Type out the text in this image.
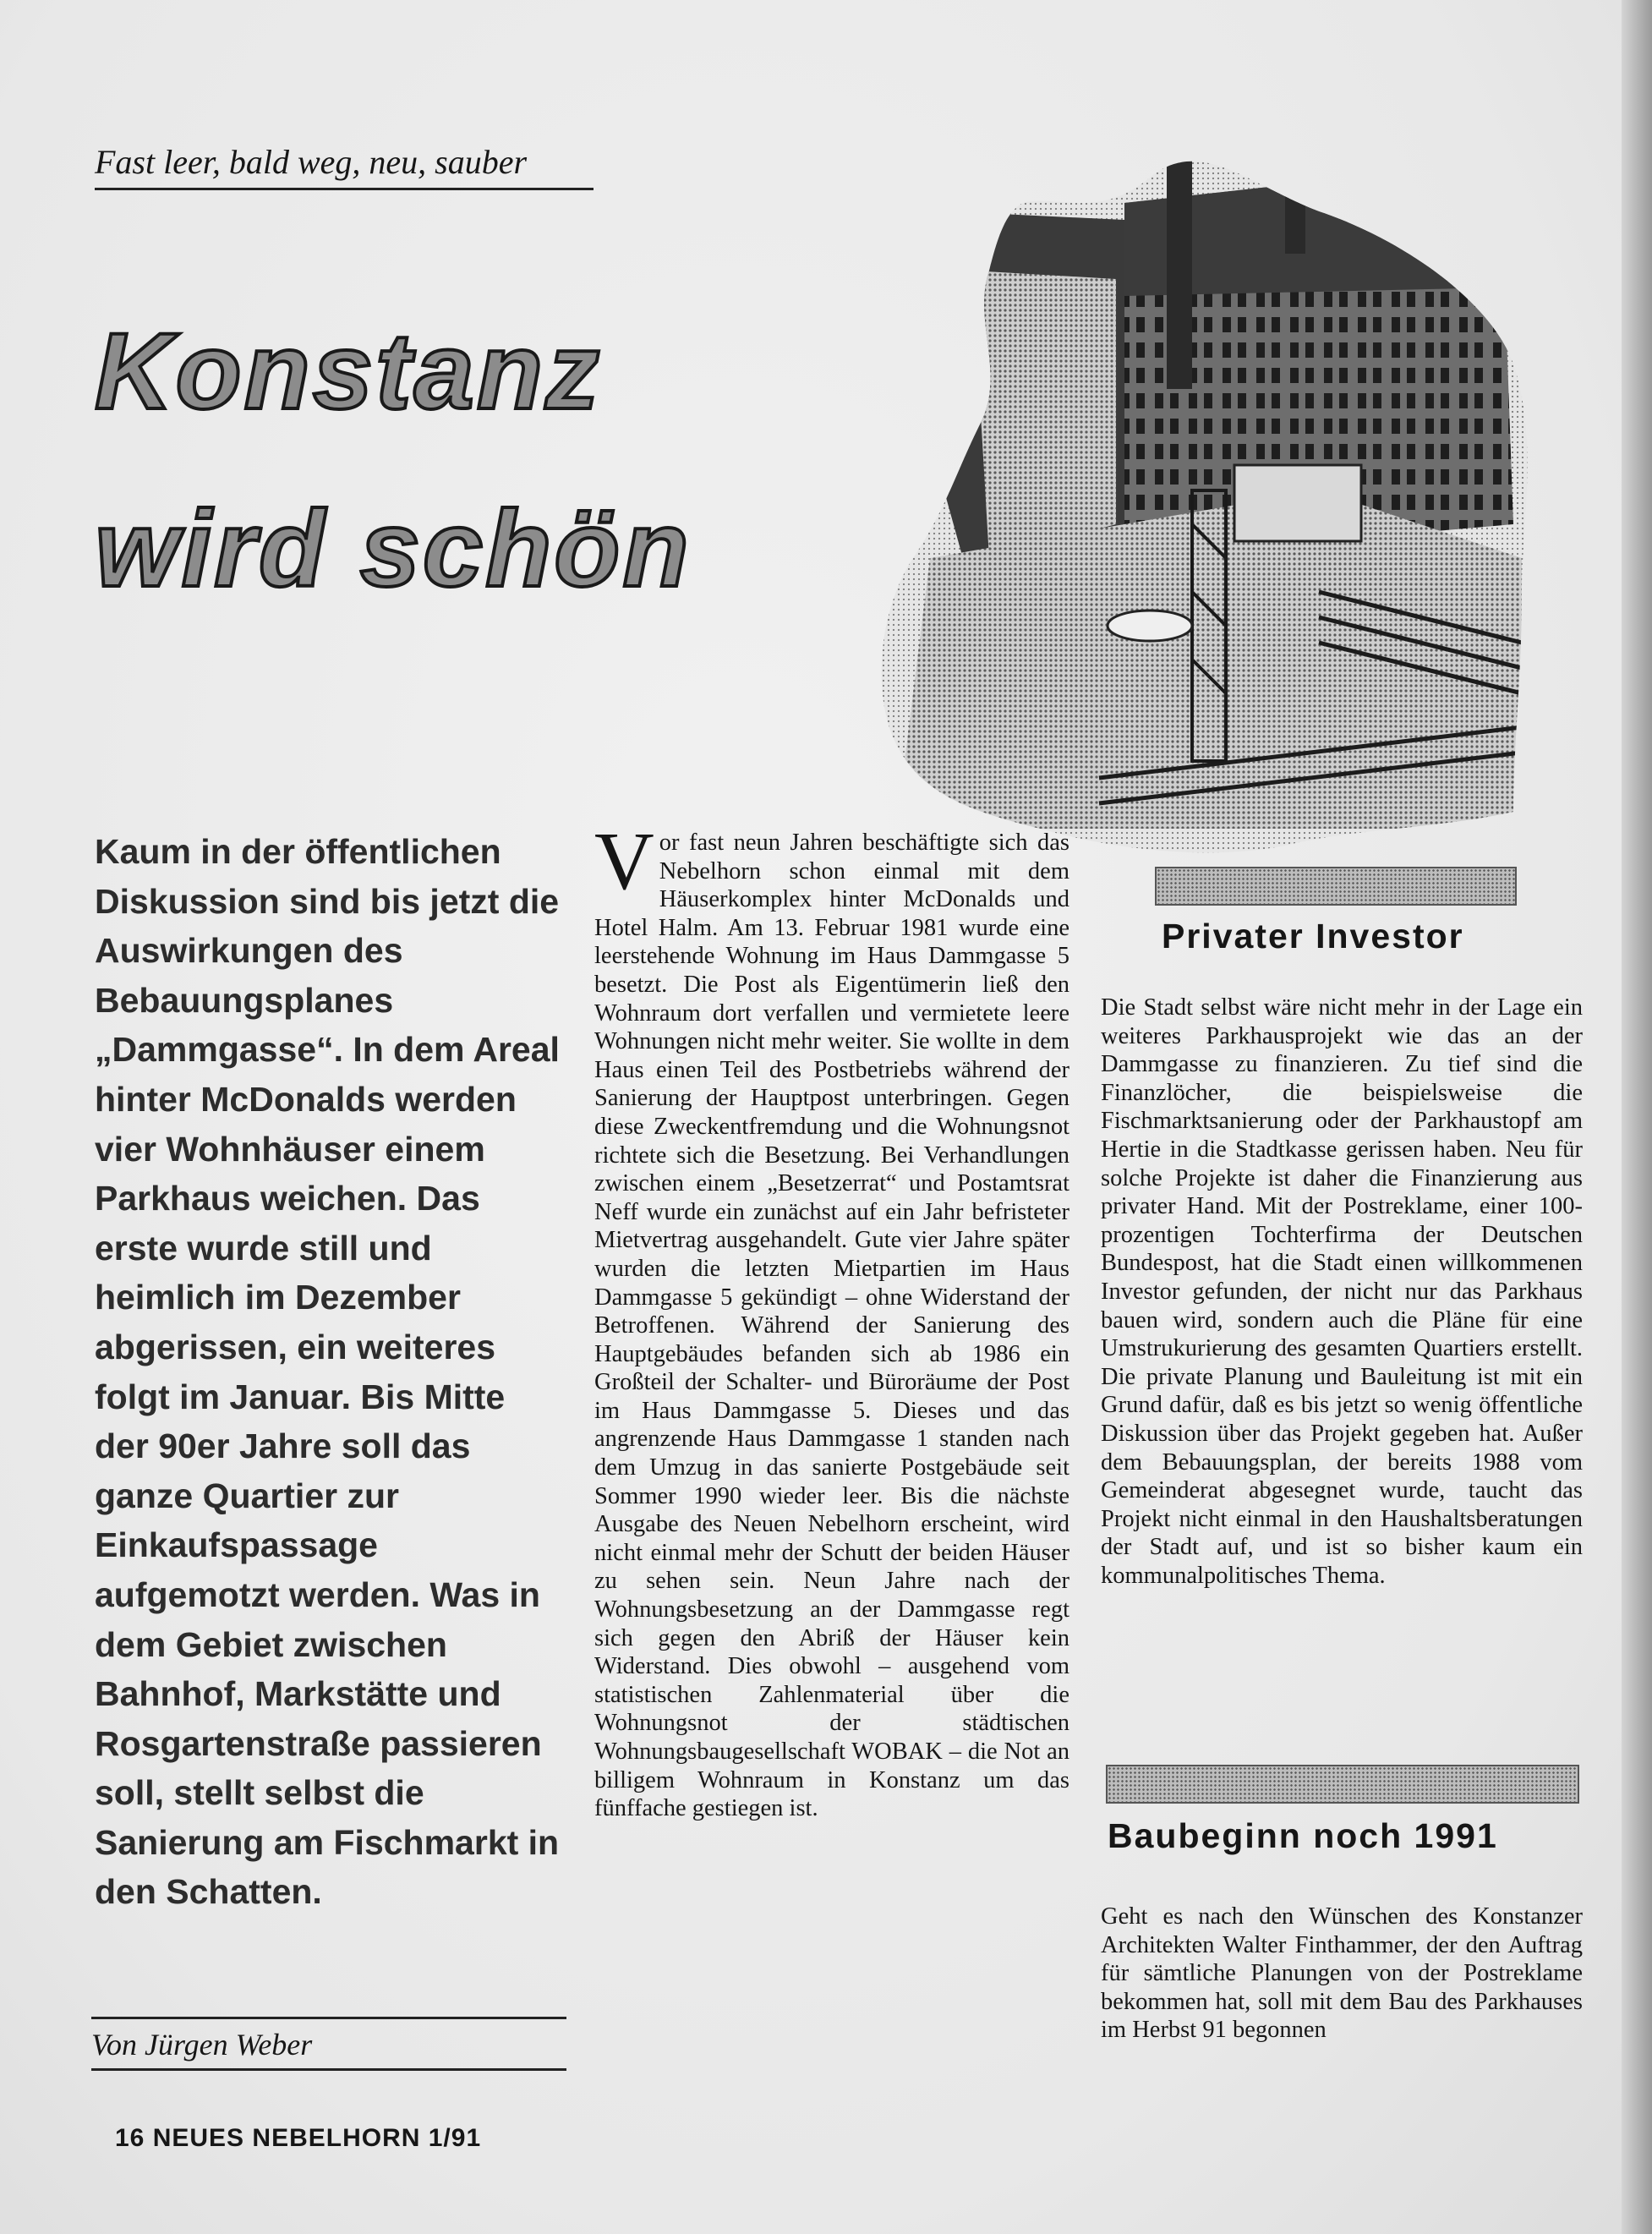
Fast leer, bald weg, neu, sauber
Konstanz
wird schön
Kaum in der öffentlichen Diskussion sind bis jetzt die Auswirkungen des Bebauungsplanes „Dammgasse“. In dem Areal hinter McDonalds werden vier Wohnhäuser einem Parkhaus weichen. Das erste wurde still und heimlich im Dezember abgerissen, ein weiteres folgt im Januar. Bis Mitte der 90er Jahre soll das ganze Quartier zur Einkaufspassage aufgemotzt werden. Was in dem Gebiet zwischen Bahnhof, Markstätte und Rosgartenstraße passieren soll, stellt selbst die Sanierung am Fischmarkt in den Schatten.
Von Jürgen Weber
Vor fast neun Jahren beschäftigte sich das Nebelhorn schon einmal mit dem Häuserkomplex hinter McDonalds und Hotel Halm. Am 13. Februar 1981 wurde eine leerstehende Wohnung im Haus Dammgasse 5 besetzt. Die Post als Eigentümerin ließ den Wohnraum dort verfallen und vermietete leere Wohnungen nicht mehr weiter. Sie wollte in dem Haus einen Teil des Postbetriebs während der Sanierung der Hauptpost unterbringen. Gegen diese Zweckentfremdung und die Wohnungsnot richtete sich die Besetzung. Bei Verhandlungen zwischen einem „Besetzerrat“ und Postamtsrat Neff wurde ein zunächst auf ein Jahr befristeter Mietvertrag ausgehandelt. Gute vier Jahre später wurden die letzten Mietpartien im Haus Dammgasse 5 gekündigt – ohne Widerstand der Betroffenen. Während der Sanierung des Hauptgebäudes befanden sich ab 1986 ein Großteil der Schalter- und Büroräume der Post im Haus Dammgasse 5. Dieses und das angrenzende Haus Dammgasse 1 standen nach dem Umzug in das sanierte Postgebäude seit Sommer 1990 wieder leer. Bis die nächste Ausgabe des Neuen Nebelhorn erscheint, wird nicht einmal mehr der Schutt der beiden Häuser zu sehen sein. Neun Jahre nach der Wohnungsbesetzung an der Dammgasse regt sich gegen den Abriß der Häuser kein Widerstand. Dies obwohl – ausgehend vom statistischen Zahlenmaterial über die Wohnungsnot der städtischen Wohnungsbaugesellschaft WOBAK – die Not an billigem Wohnraum in Konstanz um das fünffache gestiegen ist.
Privater Investor
Die Stadt selbst wäre nicht mehr in der Lage ein weiteres Parkhausprojekt wie das an der Dammgasse zu finanzieren. Zu tief sind die Finanzlöcher, die beispielsweise die Fischmarktsanierung oder der Parkhaustopf am Hertie in die Stadtkasse gerissen haben. Neu für solche Projekte ist daher die Finanzierung aus privater Hand. Mit der Postreklame, einer 100-prozentigen Tochterfirma der Deutschen Bundespost, hat die Stadt einen willkommenen Investor gefunden, der nicht nur das Parkhaus bauen wird, sondern auch die Pläne für eine Umstrukurierung des gesamten Quartiers erstellt. Die private Planung und Bauleitung ist mit ein Grund dafür, daß es bis jetzt so wenig öffentliche Diskussion über das Projekt gegeben hat. Außer dem Bebauungsplan, der bereits 1988 vom Gemeinderat abgesegnet wurde, taucht das Projekt nicht einmal in den Haushaltsberatungen der Stadt auf, und ist so bisher kaum ein kommunalpolitisches Thema.
Baubeginn noch 1991
Geht es nach den Wünschen des Konstanzer Architekten Walter Finthammer, der den Auftrag für sämtliche Planungen von der Postreklame bekommen hat, soll mit dem Bau des Parkhauses im Herbst 91 begonnen
16 NEUES NEBELHORN 1/91
